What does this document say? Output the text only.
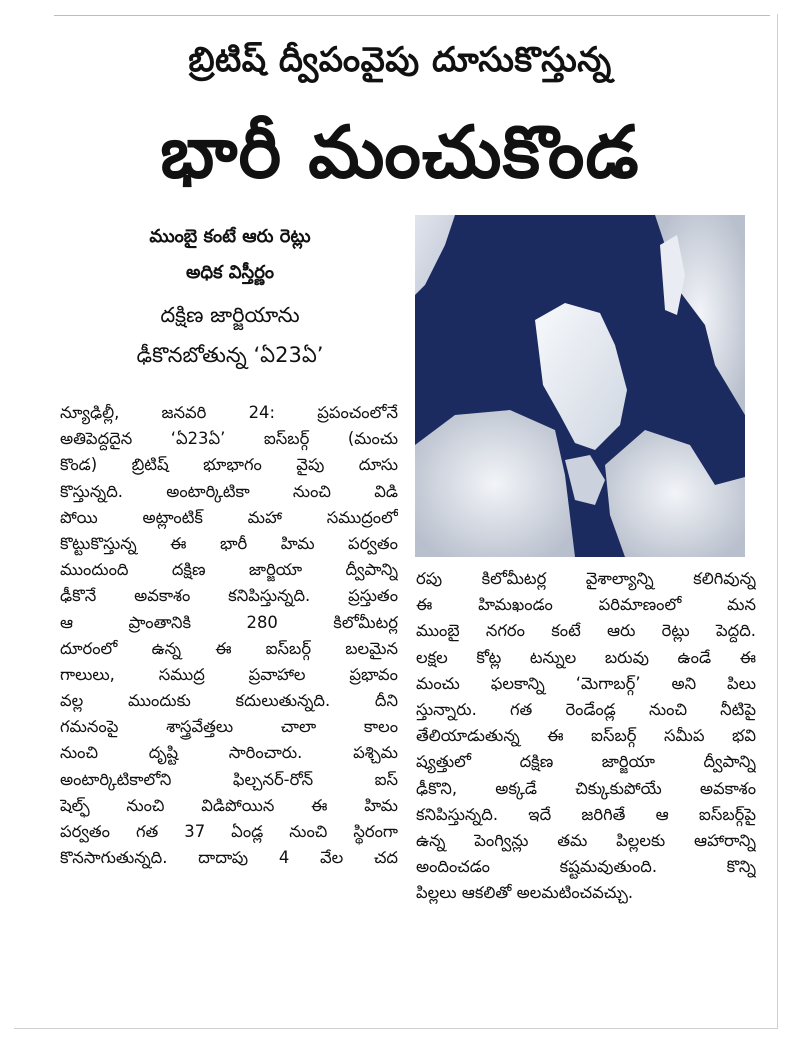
బ్రిటిష్‌ ద్వీపంవైపు దూసుకొస్తున్న
భారీ మంచుకొండ
ముంబై కంటే ఆరు రెట్లు
అధిక విస్తీర్ణం
దక్షిణ జార్జియాను
ఢీకొనబోతున్న ‘ఏ23ఏ’
న్యూఢిల్లీ, జనవరి 24: ప్రపంచంలోనే
అతిపెద్దదైన ‘ఏ23ఏ’ ఐస్‌బర్గ్‌ (మంచు
కొండ) బ్రిటిష్‌ భూభాగం వైపు దూసు
కొస్తున్నది. అంటార్కిటికా నుంచి విడి
పోయి అట్లాంటిక్‌ మహా సముద్రంలో
కొట్టుకొస్తున్న ఈ భారీ హిమ పర్వతం
ముందుంది దక్షిణ జార్జియా ద్వీపాన్ని
ఢీకొనే అవకాశం కనిపిస్తున్నది. ప్రస్తుతం
ఆ ప్రాంతానికి 280 కిలోమీటర్ల
దూరంలో ఉన్న ఈ ఐస్‌బర్గ్‌ బలమైన
గాలులు, సముద్ర ప్రవాహాల ప్రభావం
వల్ల ముందుకు కదులుతున్నది. దీని
గమనంపై శాస్త్రవేత్తలు చాలా కాలం
నుంచి దృష్టి సారించారు. పశ్చిమ
అంటార్కిటికాలోని ఫిల్చనర్‌-రోన్‌ ఐస్‌
షెల్ఫ్‌ నుంచి విడిపోయిన ఈ హిమ
పర్వతం గత 37 ఏండ్ల నుంచి స్థిరంగా
కొనసాగుతున్నది. దాదాపు 4 వేల చద
రపు కిలోమీటర్ల వైశాల్యాన్ని కలిగివున్న
ఈ హిమఖండం పరిమాణంలో మన
ముంబై నగరం కంటే ఆరు రెట్లు పెద్దది.
లక్షల కోట్ల టన్నుల బరువు ఉండే ఈ
మంచు ఫలకాన్ని ‘మెగాబర్గ్‌’ అని పిలు
స్తున్నారు. గత రెండేండ్ల నుంచి నీటిపై
తేలియాడుతున్న ఈ ఐస్‌బర్గ్‌ సమీప భవి
ష్యత్తులో దక్షిణ జార్జియా ద్వీపాన్ని
ఢీకొని, అక్కడే చిక్కుకుపోయే అవకాశం
కనిపిస్తున్నది. ఇదే జరిగితే ఆ ఐస్‌బర్గ్‌పై
ఉన్న పెంగ్విన్లు తమ పిల్లలకు ఆహారాన్ని
అందించడం కష్టమవుతుంది. కొన్ని
పిల్లలు ఆకలితో అలమటించవచ్చు.
